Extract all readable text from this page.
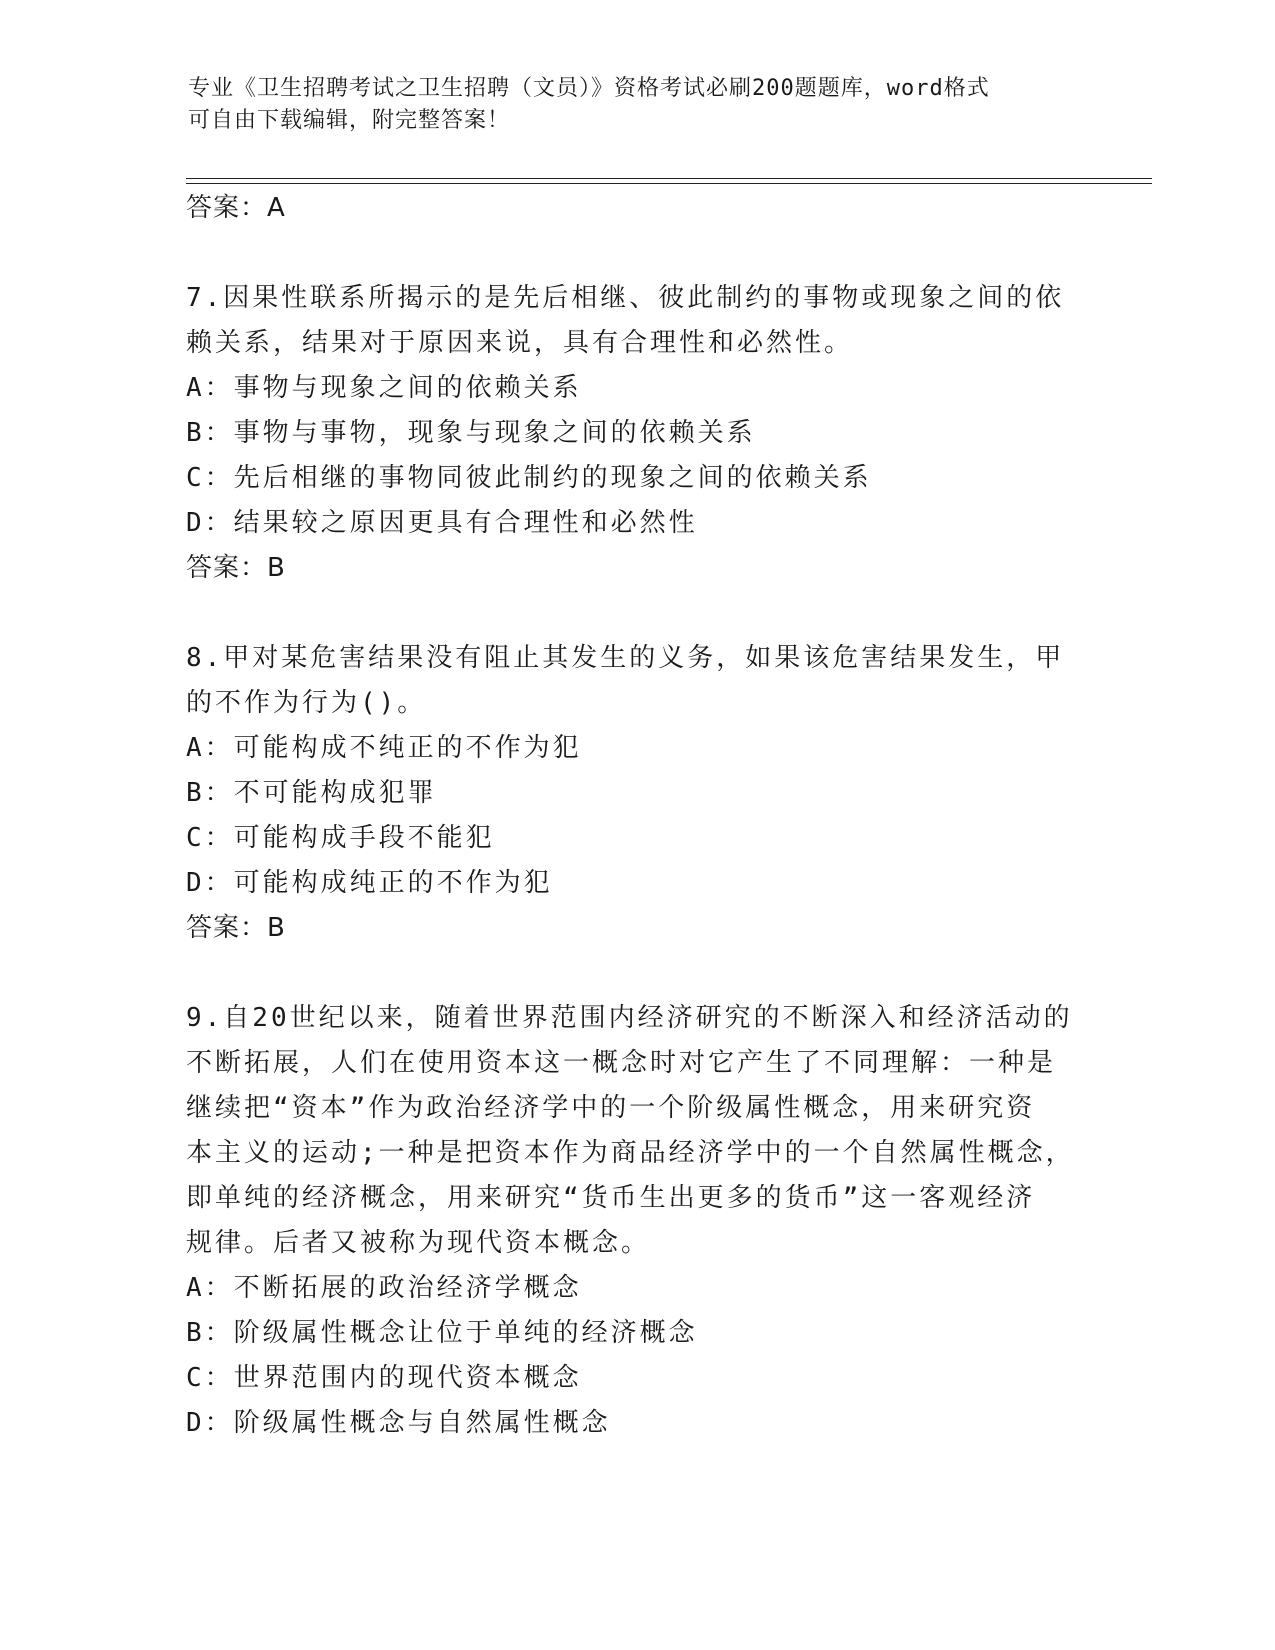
专业《卫生招聘考试之卫生招聘（文员）》资格考试必刷200题题库，word格式
可自由下载编辑，附完整答案！
答案：A
7.因果性联系所揭示的是先后相继、彼此制约的事物或现象之间的依
赖关系，结果对于原因来说，具有合理性和必然性。
A：事物与现象之间的依赖关系
B：事物与事物，现象与现象之间的依赖关系
C：先后相继的事物同彼此制约的现象之间的依赖关系
D：结果较之原因更具有合理性和必然性
答案：B
8.甲对某危害结果没有阻止其发生的义务，如果该危害结果发生，甲
的不作为行为()。
A：可能构成不纯正的不作为犯
B：不可能构成犯罪
C：可能构成手段不能犯
D：可能构成纯正的不作为犯
答案：B
9.自20世纪以来，随着世界范围内经济研究的不断深入和经济活动的
不断拓展，人们在使用资本这一概念时对它产生了不同理解：一种是
继续把“资本”作为政治经济学中的一个阶级属性概念，用来研究资
本主义的运动;一种是把资本作为商品经济学中的一个自然属性概念，
即单纯的经济概念，用来研究“货币生出更多的货币”这一客观经济
规律。后者又被称为现代资本概念。
A：不断拓展的政治经济学概念
B：阶级属性概念让位于单纯的经济概念
C：世界范围内的现代资本概念
D：阶级属性概念与自然属性概念
